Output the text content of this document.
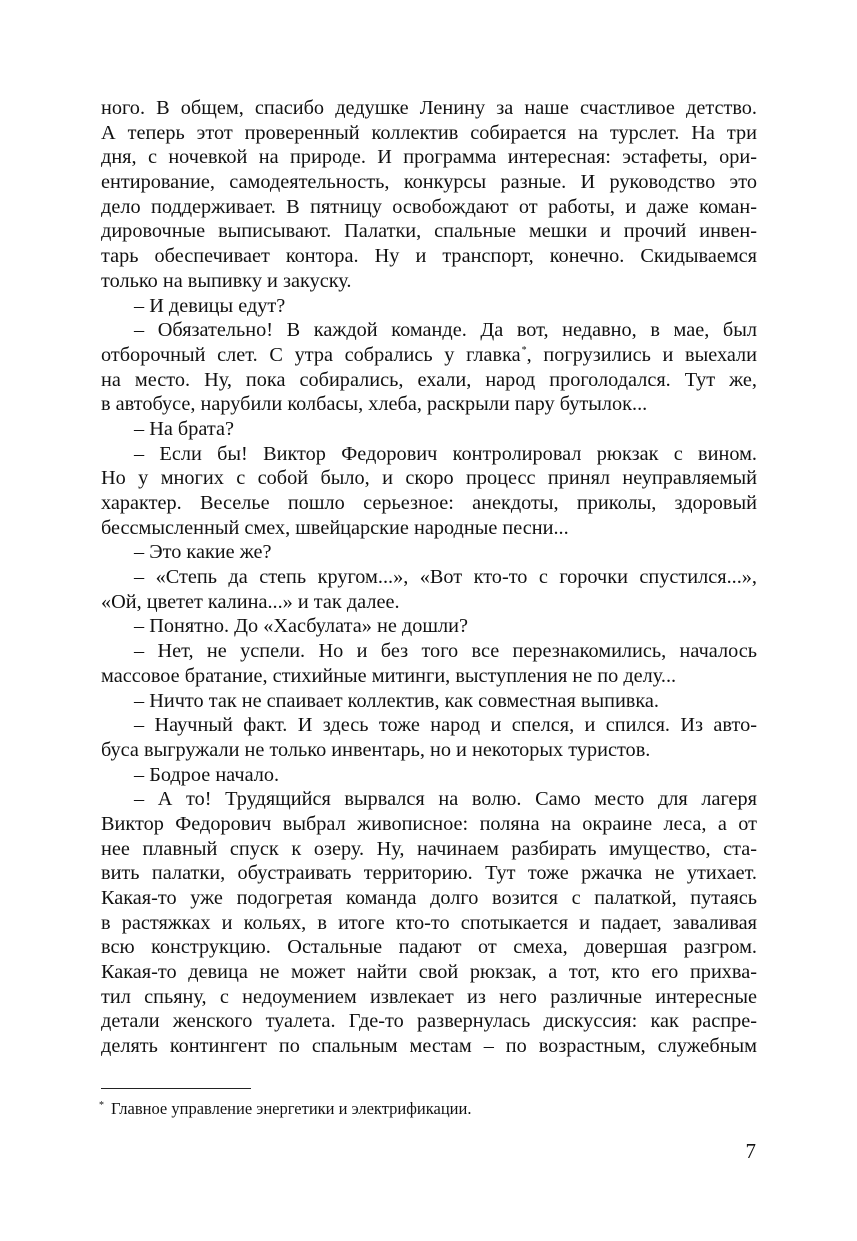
ного. В общем, спасибо дедушке Ленину за наше счастливое детство.
А теперь этот проверенный коллектив собирается на турслет. На три
дня, с ночевкой на природе. И программа интересная: эстафеты, ори-
ентирование, самодеятельность, конкурсы разные. И руководство это
дело поддерживает. В пятницу освобождают от работы, и даже коман-
дировочные выписывают. Палатки, спальные мешки и прочий инвен-
тарь обеспечивает контора. Ну и транспорт, конечно. Скидываемся
только на выпивку и закуску.
– И девицы едут?
– Обязательно! В каждой команде. Да вот, недавно, в мае, был
отборочный слет. С утра собрались у главка*, погрузились и выехали
на место. Ну, пока собирались, ехали, народ проголодался. Тут же,
в автобусе, нарубили колбасы, хлеба, раскрыли пару бутылок...
– На брата?
– Если бы! Виктор Федорович контролировал рюкзак с вином.
Но у многих с собой было, и скоро процесс принял неуправляемый
характер. Веселье пошло серьезное: анекдоты, приколы, здоровый
бессмысленный смех, швейцарские народные песни...
– Это какие же?
– «Степь да степь кругом...», «Вот кто-то с горочки спустился...»,
«Ой, цветет калина...» и так далее.
– Понятно. До «Хасбулата» не дошли?
– Нет, не успели. Но и без того все перезнакомились, началось
массовое братание, стихийные митинги, выступления не по делу...
– Ничто так не спаивает коллектив, как совместная выпивка.
– Научный факт. И здесь тоже народ и спелся, и спился. Из авто-
буса выгружали не только инвентарь, но и некоторых туристов.
– Бодрое начало.
– А то! Трудящийся вырвался на волю. Само место для лагеря
Виктор Федорович выбрал живописное: поляна на окраине леса, а от
нее плавный спуск к озеру. Ну, начинаем разбирать имущество, ста-
вить палатки, обустраивать территорию. Тут тоже ржачка не утихает.
Какая-то уже подогретая команда долго возится с палаткой, путаясь
в растяжках и кольях, в итоге кто-то спотыкается и падает, заваливая
всю конструкцию. Остальные падают от смеха, довершая разгром.
Какая-то девица не может найти свой рюкзак, а тот, кто его прихва-
тил спьяну, с недоумением извлекает из него различные интересные
детали женского туалета. Где-то развернулась дискуссия: как распре-
делять контингент по спальным местам – по возрастным, служебным
* Главное управление энергетики и электрификации.
7
